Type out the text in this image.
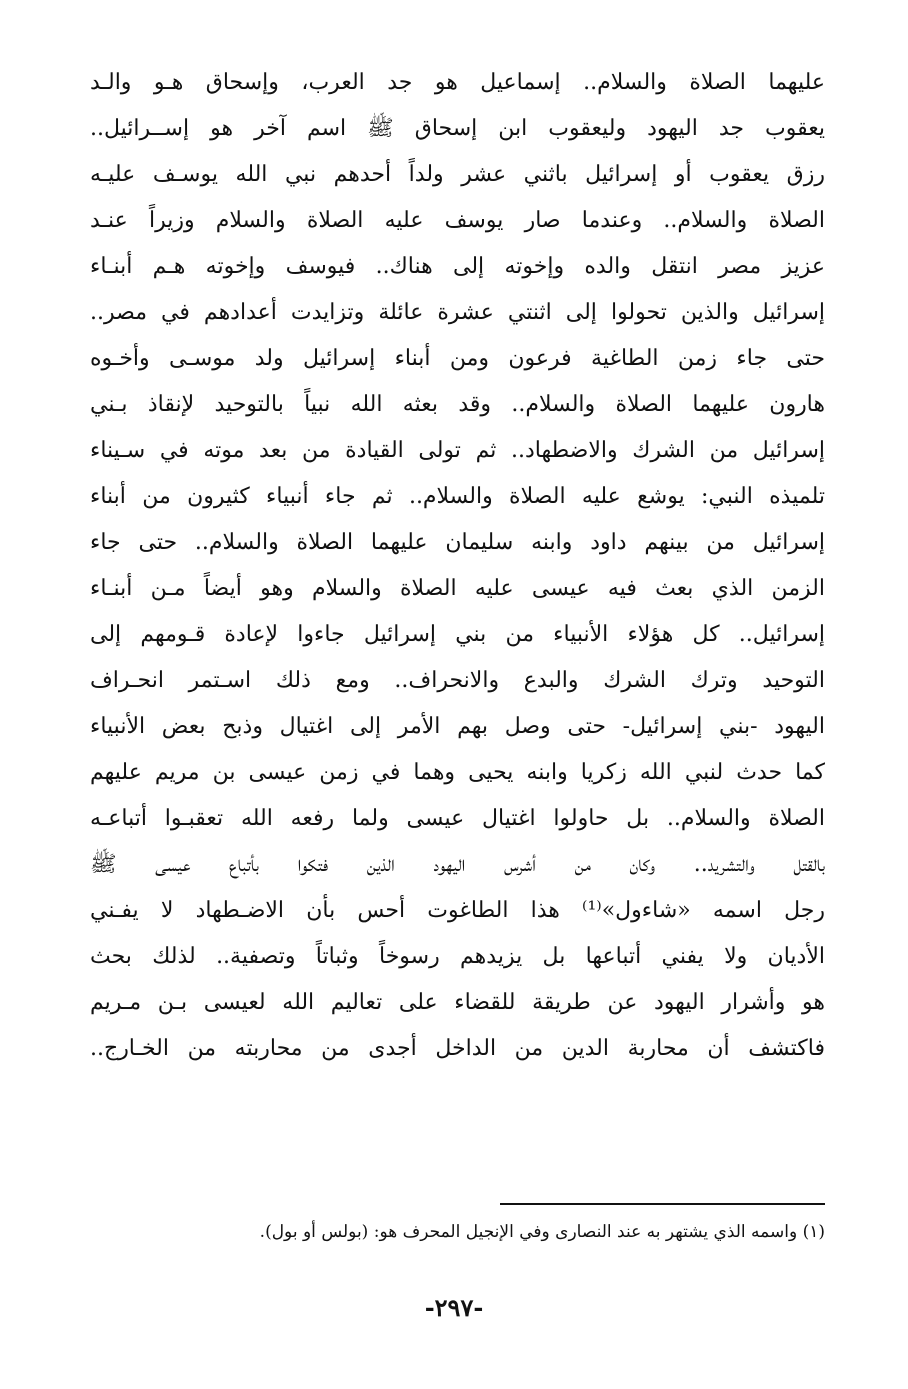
عليهما الصلاة والسلام.. إسماعيل هو جد العرب، وإسحاق هـو والـد
يعقوب جد اليهود وليعقوب ابن إسحاق ﷺ اسم آخر هو إســرائيل..
رزق يعقوب أو إسرائيل باثني عشر ولداً أحدهم نبي الله يوسـف عليـه
الصلاة والسلام.. وعندما صار يوسف عليه الصلاة والسلام وزيراً عنـد
عزيز مصر انتقل والده وإخوته إلى هناك.. فيوسف وإخوته هـم أبنـاء
إسرائيل والذين تحولوا إلى اثنتي عشرة عائلة وتزايدت أعدادهم في مصر..
حتى جاء زمن الطاغية فرعون ومن أبناء إسرائيل ولد موسـى وأخـوه
هارون عليهما الصلاة والسلام.. وقد بعثه الله نبياً بالتوحيد لإنقاذ بـني
إسرائيل من الشرك والاضطهاد.. ثم تولى القيادة من بعد موته في سـيناء
تلميذه النبي: يوشع عليه الصلاة والسلام.. ثم جاء أنبياء كثيرون من أبناء
إسرائيل من بينهم داود وابنه سليمان عليهما الصلاة والسلام.. حتى جاء
الزمن الذي بعث فيه عيسى عليه الصلاة والسلام وهو أيضاً مـن أبنـاء
إسرائيل.. كل هؤلاء الأنبياء من بني إسرائيل جاءوا لإعادة قـومهم إلى
التوحيد وترك الشرك والبدع والانحراف.. ومع ذلك اسـتمر انحـراف
اليهود -بني إسرائيل- حتى وصل بهم الأمر إلى اغتيال وذبح بعض الأنبياء
كما حدث لنبي الله زكريا وابنه يحيى وهما في زمن عيسى بن مريم عليهم
الصلاة والسلام.. بل حاولوا اغتيال عيسى ولما رفعه الله تعقبـوا أتباعـه
بالقتل والتشريد.. وكان من أشرس اليهود الذين فتكوا بأتباع عيسى ﷺ
رجل اسمه «شاءول»⁽¹⁾ هذا الطاغوت أحس بأن الاضـطهاد لا يفـني
الأديان ولا يفني أتباعها بل يزيدهم رسوخاً وثباتاً وتصفية.. لذلك بحث
هو وأشرار اليهود عن طريقة للقضاء على تعاليم الله لعيسى بـن مـريم
فاكتشف أن محاربة الدين من الداخل أجدى من محاربته من الخـارج..
(١) واسمه الذي يشتهر به عند النصارى وفي الإنجيل المحرف هو: (بولس أو بول).
-٢٩٧-
